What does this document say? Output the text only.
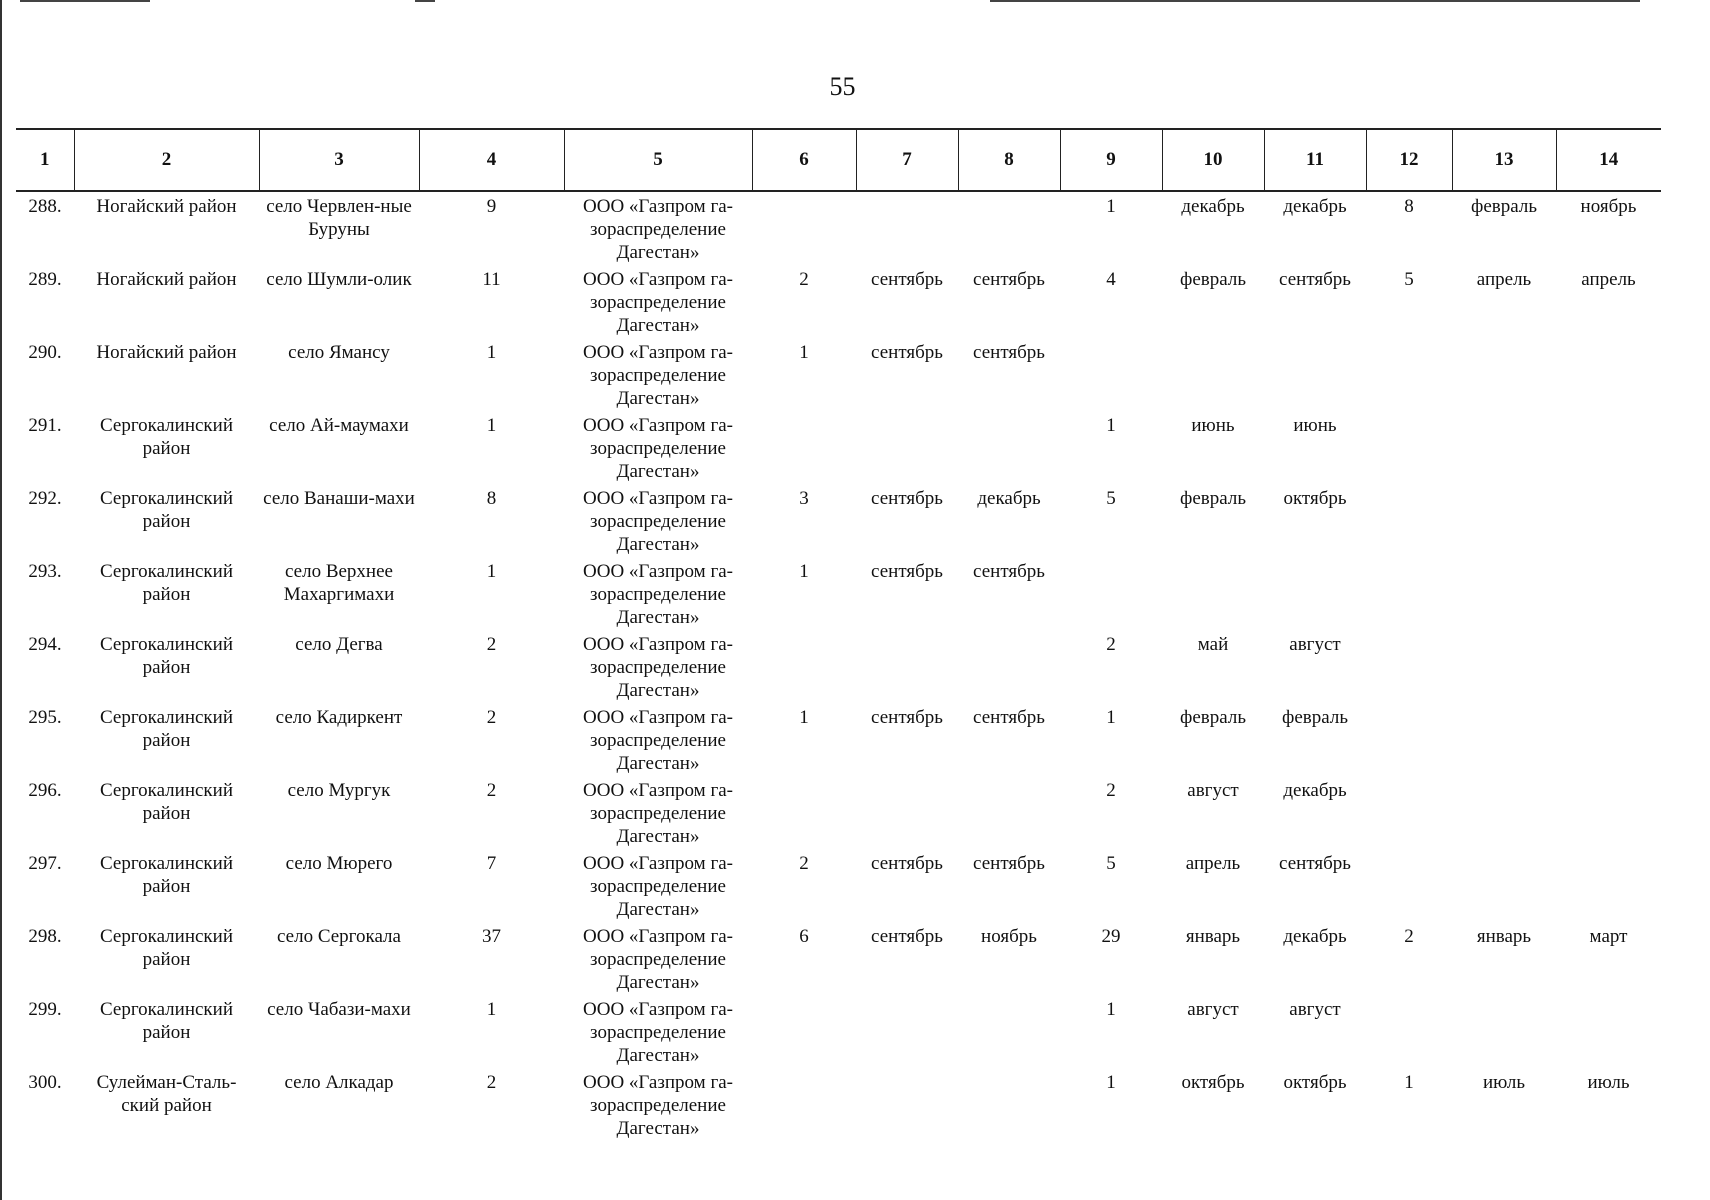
55
1	2	3	4	5	6	7	8	9	10	11	12	13	14
288.	Ногайский район	село Червлен-ные Буруны	9	ООО «Газпром га-зораспределение Дагестан»				1	декабрь	декабрь	8	февраль	ноябрь
289.	Ногайский район	село Шумли-олик	11	ООО «Газпром га-зораспределение Дагестан»	2	сентябрь	сентябрь	4	февраль	сентябрь	5	апрель	апрель
290.	Ногайский район	село Ямансу	1	ООО «Газпром га-зораспределение Дагестан»	1	сентябрь	сентябрь						
291.	Сергокалинский район	село Ай-маумахи	1	ООО «Газпром га-зораспределение Дагестан»				1	июнь	июнь			
292.	Сергокалинский район	село Ванаши-махи	8	ООО «Газпром га-зораспределение Дагестан»	3	сентябрь	декабрь	5	февраль	октябрь			
293.	Сергокалинский район	село Верхнее Махаргимахи	1	ООО «Газпром га-зораспределение Дагестан»	1	сентябрь	сентябрь						
294.	Сергокалинский район	село Дегва	2	ООО «Газпром га-зораспределение Дагестан»				2	май	август			
295.	Сергокалинский район	село Кадиркент	2	ООО «Газпром га-зораспределение Дагестан»	1	сентябрь	сентябрь	1	февраль	февраль			
296.	Сергокалинский район	село Мургук	2	ООО «Газпром га-зораспределение Дагестан»				2	август	декабрь			
297.	Сергокалинский район	село Мюрего	7	ООО «Газпром га-зораспределение Дагестан»	2	сентябрь	сентябрь	5	апрель	сентябрь			
298.	Сергокалинский район	село Сергокала	37	ООО «Газпром га-зораспределение Дагестан»	6	сентябрь	ноябрь	29	январь	декабрь	2	январь	март
299.	Сергокалинский район	село Чабази-махи	1	ООО «Газпром га-зораспределение Дагестан»				1	август	август			
300.	Сулейман-Сталь-ский район	село Алкадар	2	ООО «Газпром га-зораспределение Дагестан»				1	октябрь	октябрь	1	июль	июль
